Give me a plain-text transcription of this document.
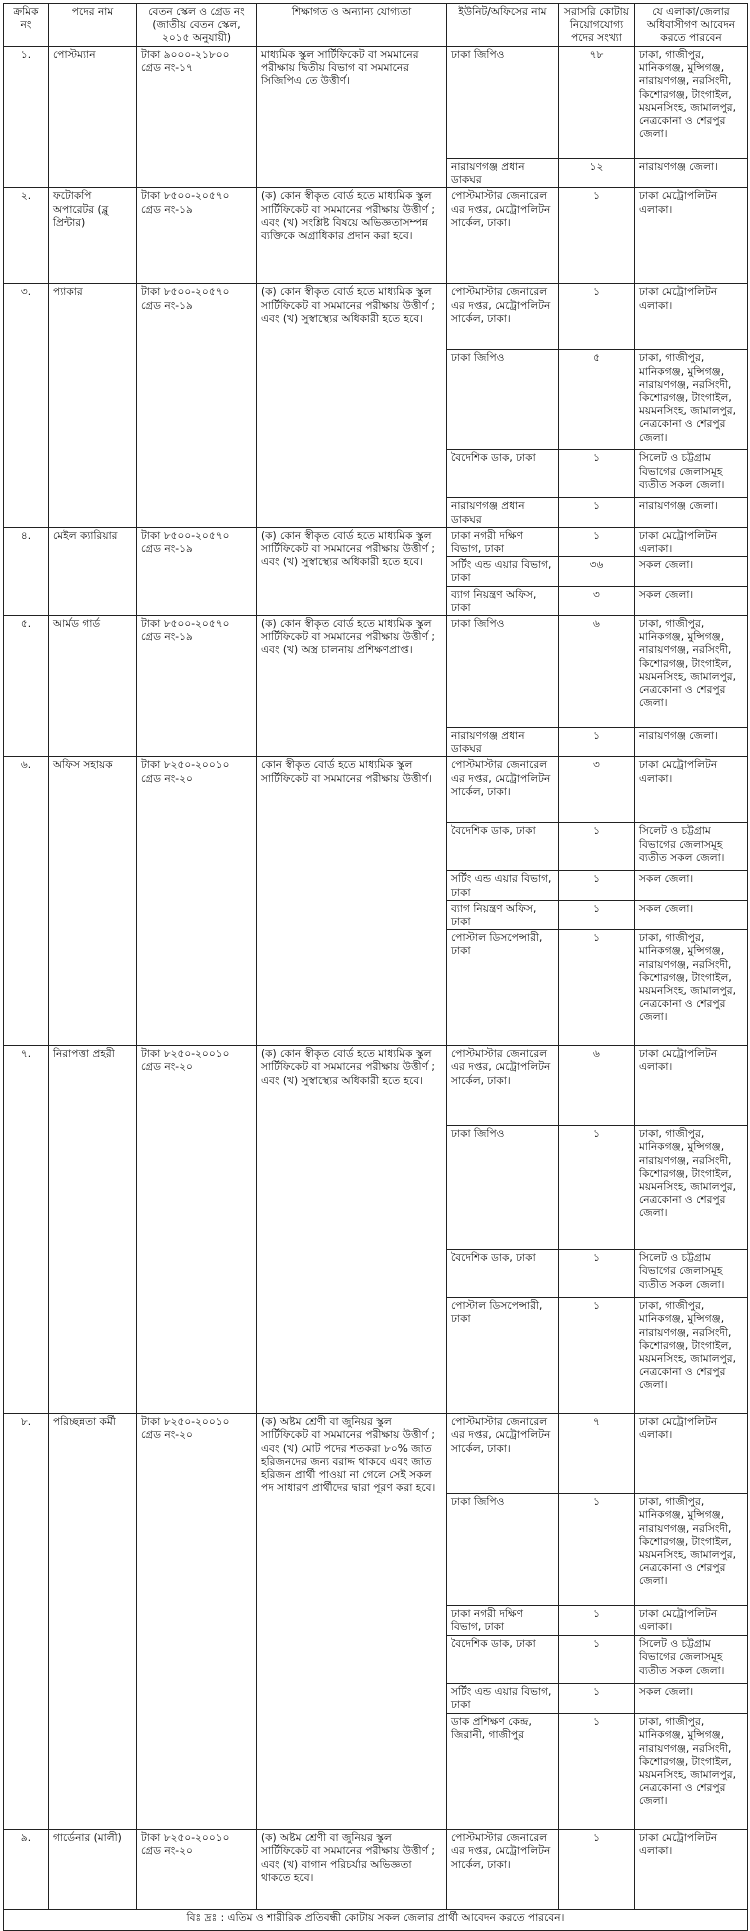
ক্রমিক নং	পদের নাম	বেতন স্কেল ও গ্রেড নং (জাতীয় বেতন স্কেল, ২০১৫ অনুযায়ী)	শিক্ষাগত ও অন্যান্য যোগ্যতা	ইউনিট/অফিসের নাম	সরাসরি কোটায় নিয়োগযোগ্য পদের সংখ্যা	যে এলাকা/জেলার অধিবাসীগণ আবেদন করতে পারবেন
১.	পোস্টম্যান	টাকা ৯০০০-২১৮০০ গ্রেড নং-১৭	মাধ্যমিক স্কুল সার্টিফিকেট বা সমমানের পরীক্ষায় দ্বিতীয় বিভাগ বা সমমানের সিজিপিএ তে উত্তীর্ণ।	ঢাকা জিপিও	৭৮	ঢাকা, গাজীপুর, মানিকগঞ্জ, মুন্সিগঞ্জ, নারায়ণগঞ্জ, নরসিংদী, কিশোরগঞ্জ, টাংগাইল, ময়মনসিংহ, জামালপুর, নেত্রকোনা ও শেরপুর জেলা।
				নারায়ণগঞ্জ প্রধান ডাকঘর	১২	নারায়ণগঞ্জ জেলা।
২.	ফটোকপি অপারেটর (ব্লু প্রিন্টার)	টাকা ৮৫০০-২০৫৭০ গ্রেড নং-১৯	(ক) কোন স্বীকৃত বোর্ড হতে মাধ্যমিক স্কুল সার্টিফিকেট বা সমমানের পরীক্ষায় উত্তীর্ণ ; এবং (খ) সংশ্লিষ্ট বিষয়ে অভিজ্ঞতাসম্পন্ন ব্যক্তিকে অগ্রাধিকার প্রদান করা হবে।	পোস্টমাস্টার জেনারেল এর দপ্তর, মেট্রোপলিটন সার্কেল, ঢাকা।	১	ঢাকা মেট্রোপলিটন এলাকা।
৩.	প্যাকার	টাকা ৮৫০০-২০৫৭০ গ্রেড নং-১৯	(ক) কোন স্বীকৃত বোর্ড হতে মাধ্যমিক স্কুল সার্টিফিকেট বা সমমানের পরীক্ষায় উত্তীর্ণ ; এবং (খ) সুস্বাস্থ্যের অধিকারী হতে হবে।	পোস্টমাস্টার জেনারেল এর দপ্তর, মেট্রোপলিটন সার্কেল, ঢাকা।	১	ঢাকা মেট্রোপলিটন এলাকা।
				ঢাকা জিপিও	৫	ঢাকা, গাজীপুর, মানিকগঞ্জ, মুন্সিগঞ্জ, নারায়ণগঞ্জ, নরসিংদী, কিশোরগঞ্জ, টাংগাইল, ময়মনসিংহ, জামালপুর, নেত্রকোনা ও শেরপুর জেলা।
				বৈদেশিক ডাক, ঢাকা	১	সিলেট ও চট্টগ্রাম বিভাগের জেলাসমূহ ব্যতীত সকল জেলা।
				নারায়ণগঞ্জ প্রধান ডাকঘর	১	নারায়ণগঞ্জ জেলা।
৪.	মেইল ক্যারিয়ার	টাকা ৮৫০০-২০৫৭০ গ্রেড নং-১৯	(ক) কোন স্বীকৃত বোর্ড হতে মাধ্যমিক স্কুল সার্টিফিকেট বা সমমানের পরীক্ষায় উত্তীর্ণ ; এবং (খ) সুস্বাস্থ্যের অধিকারী হতে হবে।	ঢাকা নগরী দক্ষিণ বিভাগ, ঢাকা	১	ঢাকা মেট্রোপলিটন এলাকা।
				সর্টিং এন্ড এয়ার বিভাগ, ঢাকা	৩৬	সকল জেলা।
				ব্যাগ নিয়ন্ত্রণ অফিস, ঢাকা	৩	সকল জেলা।
৫.	আর্মড গার্ড	টাকা ৮৫০০-২০৫৭০ গ্রেড নং-১৯	(ক) কোন স্বীকৃত বোর্ড হতে মাধ্যমিক স্কুল সার্টিফিকেট বা সমমানের পরীক্ষায় উত্তীর্ণ ; এবং (খ) অস্ত্র চালনায় প্রশিক্ষণপ্রাপ্ত।	ঢাকা জিপিও	৬	ঢাকা, গাজীপুর, মানিকগঞ্জ, মুন্সিগঞ্জ, নারায়ণগঞ্জ, নরসিংদী, কিশোরগঞ্জ, টাংগাইল, ময়মনসিংহ, জামালপুর, নেত্রকোনা ও শেরপুর জেলা।
				নারায়ণগঞ্জ প্রধান ডাকঘর	১	নারায়ণগঞ্জ জেলা।
৬.	অফিস সহায়ক	টাকা ৮২৫০-২০০১০ গ্রেড নং-২০	কোন স্বীকৃত বোর্ড হতে মাধ্যমিক স্কুল সার্টিফিকেট বা সমমানের পরীক্ষায় উত্তীর্ণ।	পোস্টমাস্টার জেনারেল এর দপ্তর, মেট্রোপলিটন সার্কেল, ঢাকা।	৩	ঢাকা মেট্রোপলিটন এলাকা।
				বৈদেশিক ডাক, ঢাকা	১	সিলেট ও চট্টগ্রাম বিভাগের জেলাসমূহ ব্যতীত সকল জেলা।
				সর্টিং এন্ড এয়ার বিভাগ, ঢাকা	১	সকল জেলা।
				ব্যাগ নিয়ন্ত্রণ অফিস, ঢাকা	১	সকল জেলা।
				পোস্টাল ডিসপেন্সারী, ঢাকা	১	ঢাকা, গাজীপুর, মানিকগঞ্জ, মুন্সিগঞ্জ, নারায়ণগঞ্জ, নরসিংদী, কিশোরগঞ্জ, টাংগাইল, ময়মনসিংহ, জামালপুর, নেত্রকোনা ও শেরপুর জেলা।
৭.	নিরাপত্তা প্রহরী	টাকা ৮২৫০-২০০১০ গ্রেড নং-২০	(ক) কোন স্বীকৃত বোর্ড হতে মাধ্যমিক স্কুল সার্টিফিকেট বা সমমানের পরীক্ষায় উত্তীর্ণ ; এবং (খ) সুস্বাস্থ্যের অধিকারী হতে হবে।	পোস্টমাস্টার জেনারেল এর দপ্তর, মেট্রোপলিটন সার্কেল, ঢাকা।	৬	ঢাকা মেট্রোপলিটন এলাকা।
				ঢাকা জিপিও	১	ঢাকা, গাজীপুর, মানিকগঞ্জ, মুন্সিগঞ্জ, নারায়ণগঞ্জ, নরসিংদী, কিশোরগঞ্জ, টাংগাইল, ময়মনসিংহ, জামালপুর, নেত্রকোনা ও শেরপুর জেলা।
				বৈদেশিক ডাক, ঢাকা	১	সিলেট ও চট্টগ্রাম বিভাগের জেলাসমূহ ব্যতীত সকল জেলা।
				পোস্টাল ডিসপেন্সারী, ঢাকা	১	ঢাকা, গাজীপুর, মানিকগঞ্জ, মুন্সিগঞ্জ, নারায়ণগঞ্জ, নরসিংদী, কিশোরগঞ্জ, টাংগাইল, ময়মনসিংহ, জামালপুর, নেত্রকোনা ও শেরপুর জেলা।
৮.	পরিচ্ছন্নতা কর্মী	টাকা ৮২৫০-২০০১০ গ্রেড নং-২০	(ক) অষ্টম শ্রেণী বা জুনিয়র স্কুল সার্টিফিকেট বা সমমানের পরীক্ষায় উত্তীর্ণ ; এবং (খ) মোট পদের শতকরা ৮০% জাত হরিজনদের জন্য বরাদ্দ থাকবে এবং জাত হরিজন প্রার্থী পাওয়া না গেলে সেই সকল পদ সাধারণ প্রার্থীদের দ্বারা পূরণ করা হবে।	পোস্টমাস্টার জেনারেল এর দপ্তর, মেট্রোপলিটন সার্কেল, ঢাকা।	৭	ঢাকা মেট্রোপলিটন এলাকা।
				ঢাকা জিপিও	১	ঢাকা, গাজীপুর, মানিকগঞ্জ, মুন্সিগঞ্জ, নারায়ণগঞ্জ, নরসিংদী, কিশোরগঞ্জ, টাংগাইল, ময়মনসিংহ, জামালপুর, নেত্রকোনা ও শেরপুর জেলা।
				ঢাকা নগরী দক্ষিণ বিভাগ, ঢাকা	১	ঢাকা মেট্রোপলিটন এলাকা।
				বৈদেশিক ডাক, ঢাকা	১	সিলেট ও চট্টগ্রাম বিভাগের জেলাসমূহ ব্যতীত সকল জেলা।
				সর্টিং এন্ড এয়ার বিভাগ, ঢাকা	১	সকল জেলা।
				ডাক প্রশিক্ষণ কেন্দ্র, জিরানী, গাজীপুর	১	ঢাকা, গাজীপুর, মানিকগঞ্জ, মুন্সিগঞ্জ, নারায়ণগঞ্জ, নরসিংদী, কিশোরগঞ্জ, টাংগাইল, ময়মনসিংহ, জামালপুর, নেত্রকোনা ও শেরপুর জেলা।
৯.	গার্ডেনার (মালী)	টাকা ৮২৫০-২০০১০ গ্রেড নং-২০	(ক) অষ্টম শ্রেণী বা জুনিয়র স্কুল সার্টিফিকেট বা সমমানের পরীক্ষায় উত্তীর্ণ ; এবং (খ) বাগান পরিচর্যার অভিজ্ঞতা থাকতে হবে।	পোস্টমাস্টার জেনারেল এর দপ্তর, মেট্রোপলিটন সার্কেল, ঢাকা।	১	ঢাকা মেট্রোপলিটন এলাকা।
বিঃ দ্রঃ : এতিম ও শারীরিক প্রতিবন্ধী কোটায় সকল জেলার প্রার্থী আবেদন করতে পারবেন।						
